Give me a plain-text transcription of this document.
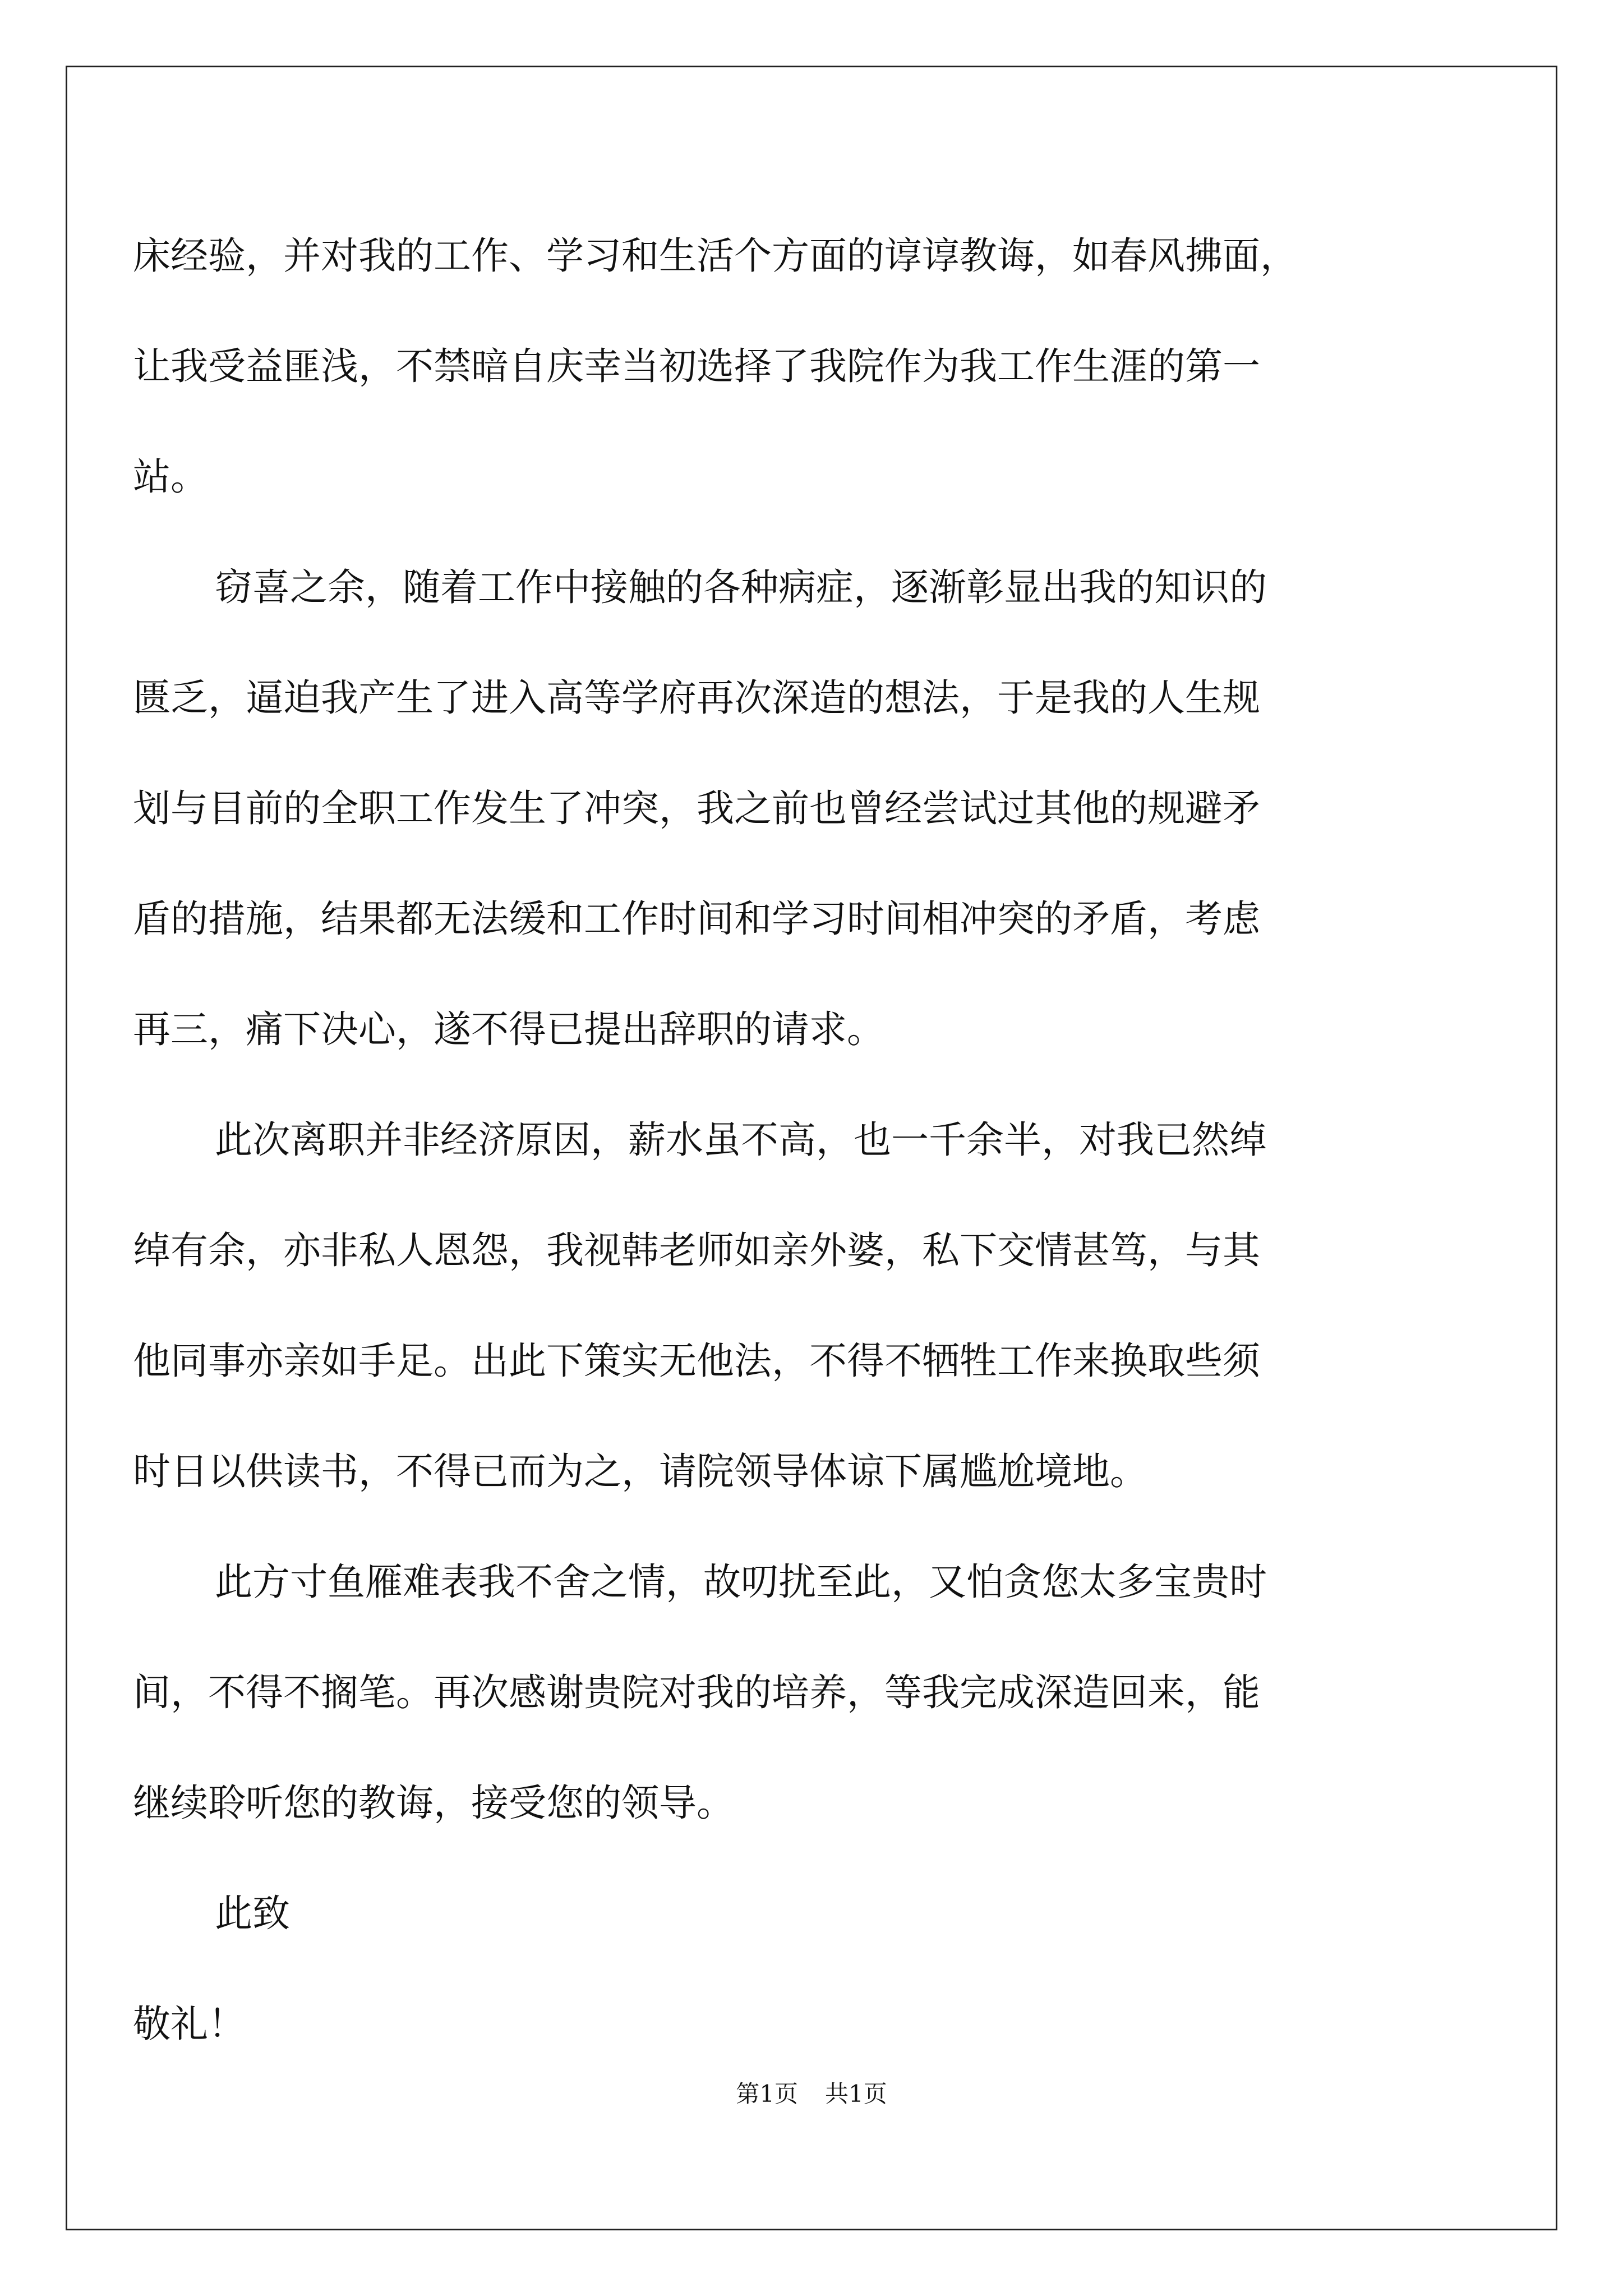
床经验，并对我的工作、学习和生活个方面的谆谆教诲，如春风拂面，
让我受益匪浅，不禁暗自庆幸当初选择了我院作为我工作生涯的第一
站。
窃喜之余，随着工作中接触的各种病症，逐渐彰显出我的知识的
匮乏，逼迫我产生了进入高等学府再次深造的想法，于是我的人生规
划与目前的全职工作发生了冲突，我之前也曾经尝试过其他的规避矛
盾的措施，结果都无法缓和工作时间和学习时间相冲突的矛盾，考虑
再三，痛下决心，遂不得已提出辞职的请求。
此次离职并非经济原因，薪水虽不高，也一千余半，对我已然绰
绰有余，亦非私人恩怨，我视韩老师如亲外婆，私下交情甚笃，与其
他同事亦亲如手足。出此下策实无他法，不得不牺牲工作来换取些须
时日以供读书，不得已而为之，请院领导体谅下属尴尬境地。
此方寸鱼雁难表我不舍之情，故叨扰至此，又怕贪您太多宝贵时
间，不得不搁笔。再次感谢贵院对我的培养，等我完成深造回来，能
继续聆听您的教诲，接受您的领导。
此致
敬礼！
第1页 共1页
